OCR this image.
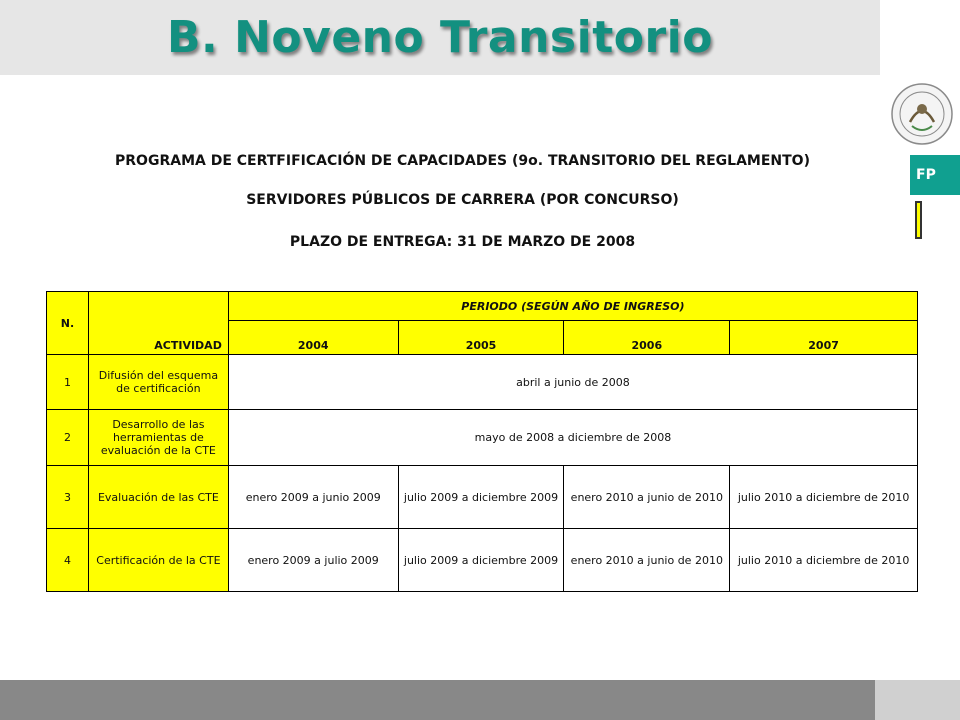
B. Noveno Transitorio
FP
PROGRAMA DE CERTFIFICACIÓN DE CAPACIDADES (9o. TRANSITORIO DEL REGLAMENTO)
SERVIDORES PÚBLICOS DE CARRERA (POR CONCURSO)
PLAZO DE ENTREGA: 31 DE MARZO DE 2008
N.	ACTIVIDAD	PERIODO (SEGÚN AÑO DE INGRESO)			
		2004	2005	2006	2007
1	Difusión del esquema de certificación	abril a junio de 2008			
2	Desarrollo de las herramientas de evaluación de la CTE	mayo de 2008 a diciembre de 2008			

3	Evaluación de las CTE	enero 2009 a junio 2009	julio 2009 a diciembre 2009	enero 2010 a junio de 2010	julio 2010 a diciembre de 2010
4	Certificación de la CTE	enero 2009 a julio 2009	julio 2009 a diciembre 2009	enero 2010 a junio de 2010	julio 2010 a diciembre de 2010
